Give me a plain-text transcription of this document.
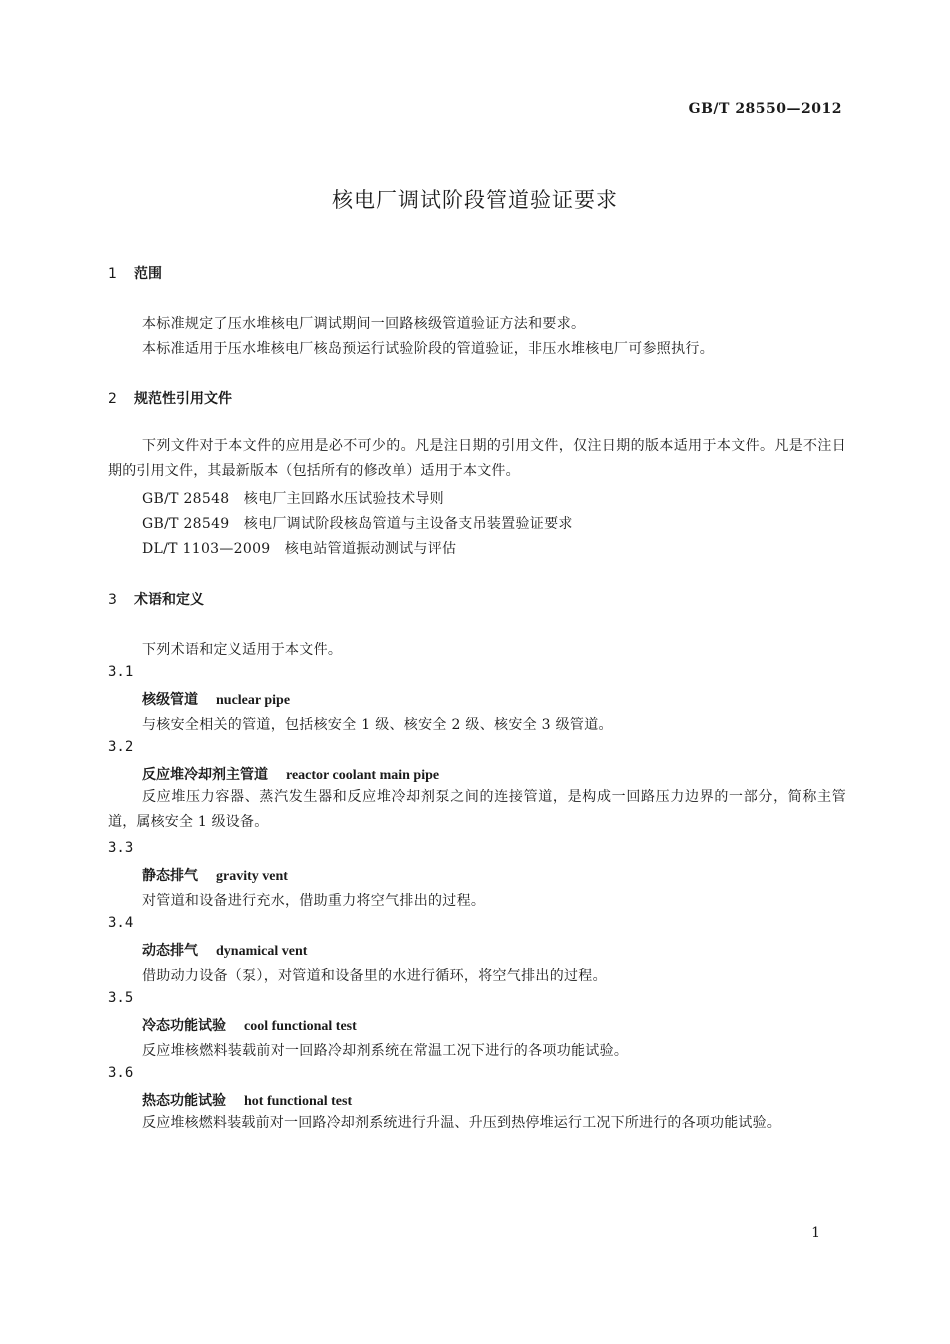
GB/T 28550—2012
核电厂调试阶段管道验证要求
1 范围
本标准规定了压水堆核电厂调试期间一回路核级管道验证方法和要求。
本标准适用于压水堆核电厂核岛预运行试验阶段的管道验证，非压水堆核电厂可参照执行。
2 规范性引用文件
下列文件对于本文件的应用是必不可少的。凡是注日期的引用文件，仅注日期的版本适用于本文件。凡是不注日期的引用文件，其最新版本（包括所有的修改单）适用于本文件。
GB/T 28548 核电厂主回路水压试验技术导则
GB/T 28549 核电厂调试阶段核岛管道与主设备支吊装置验证要求
DL/T 1103—2009 核电站管道振动测试与评估
3 术语和定义
下列术语和定义适用于本文件。
3.1
核级管道 nuclear pipe
与核安全相关的管道，包括核安全 1 级、核安全 2 级、核安全 3 级管道。
3.2
反应堆冷却剂主管道 reactor coolant main pipe
反应堆压力容器、蒸汽发生器和反应堆冷却剂泵之间的连接管道，是构成一回路压力边界的一部分，简称主管道，属核安全 1 级设备。
3.3
静态排气 gravity vent
对管道和设备进行充水，借助重力将空气排出的过程。
3.4
动态排气 dynamical vent
借助动力设备（泵），对管道和设备里的水进行循环，将空气排出的过程。
3.5
冷态功能试验 cool functional test
反应堆核燃料装载前对一回路冷却剂系统在常温工况下进行的各项功能试验。
3.6
热态功能试验 hot functional test
反应堆核燃料装载前对一回路冷却剂系统进行升温、升压到热停堆运行工况下所进行的各项功能试验。
1
